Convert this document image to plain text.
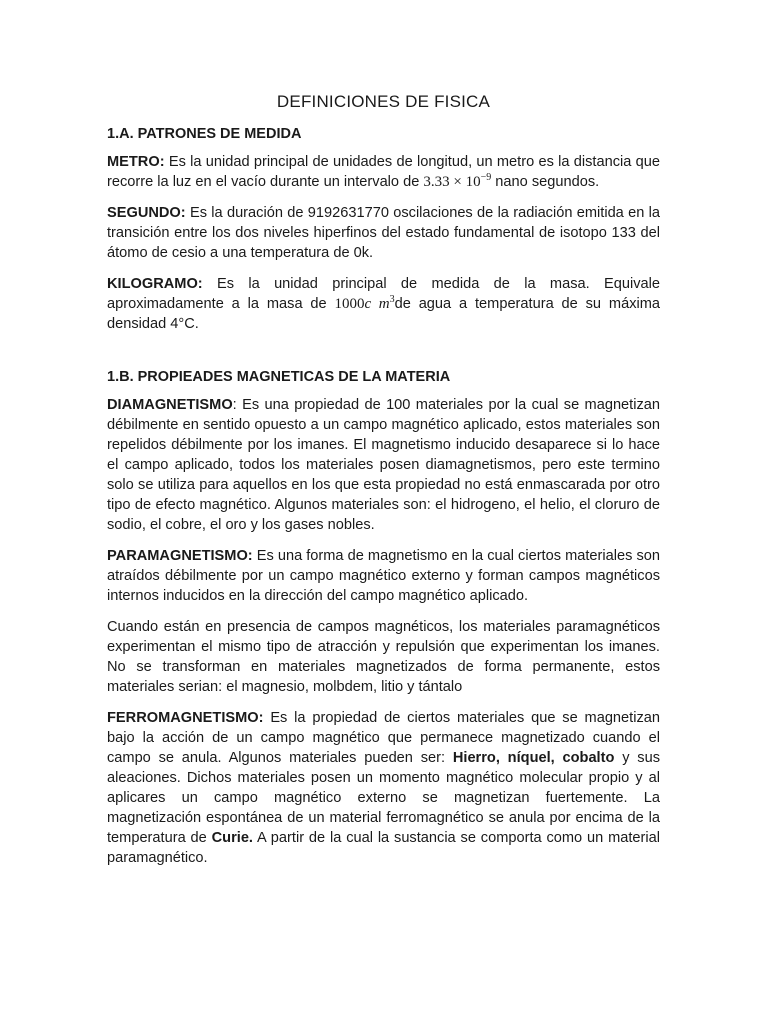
DEFINICIONES DE FISICA
1.A. PATRONES DE MEDIDA

METRO: Es la unidad principal de unidades de longitud, un metro es la distancia que recorre la luz en el vacío durante un intervalo de $3.33 \times 10^{-9}$ nano segundos.

SEGUNDO: Es la duración de 9192631770 oscilaciones de la radiación emitida en la transición entre los dos niveles hiperfinos del estado fundamental de isotopo 133 del átomo de cesio a una temperatura de 0k.

KILOGRAMO: Es la unidad principal de medida de la masa. Equivale aproximadamente a la masa de 1000c $m^3de$ agua a temperatura de su máxima densidad 4°C.

1.B. PROPIEADES MAGNETICAS DE LA MATERIA

DIAMAGNETISMO: Es una propiedad de 100 materiales por la cual se magnetizan débilmente en sentido opuesto a un campo magnético aplicado, estos materiales son repelidos débilmente por los imanes. El magnetismo inducido desaparece si lo hace el campo aplicado, todos los materiales posen diamagnetismos, pero este termino solo se utiliza para aquellos en los que esta propiedad no está enmascarada por otro tipo de efecto magnético. Algunos materiales son: el hidrogeno, el helio, el cloruro de sodio, el cobre, el oro y los gases nobles.

PARAMAGNETISMO: Es una forma de magnetismo en la cual ciertos materiales son atraídos débilmente por un campo magnético externo y forman campos magnéticos internos inducidos en la dirección del campo magnético aplicado.

Cuando están en presencia de campos magnéticos, los materiales paramagnéticos experimentan el mismo tipo de atracción y repulsión que experimentan los imanes. No se transforman en materiales magnetizados de forma permanente, estos materiales serian: el magnesio, molbdem, litio y tántalo

FERROMAGNETISMO: Es la propiedad de ciertos materiales que se magnetizan bajo la acción de un campo magnético que permanece magnetizado cuando el campo se anula. Algunos materiales pueden ser: Hierro, níquel, cobalto y sus aleaciones. Dichos materiales posen un momento magnético molecular propio y al aplicares un campo magnético externo se magnetizan fuertemente. La magnetización espontánea de un material ferromagnético se anula por encima de la temperatura de Curie. A partir de la cual la sustancia se comporta como un material paramagnético.
